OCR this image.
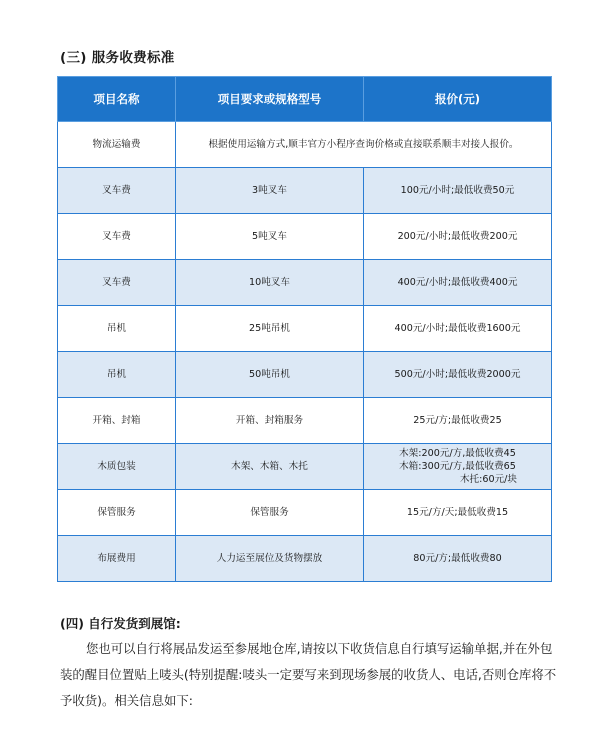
(三) 服务收费标准
项目名称	项目要求或规格型号	报价(元)
物流运输费	根据使用运输方式,顺丰官方小程序查询价格或直接联系顺丰对接人报价。	
叉车费	3吨叉车	100元/小时;最低收费50元
叉车费	5吨叉车	200元/小时;最低收费200元
叉车费	10吨叉车	400元/小时;最低收费400元
吊机	25吨吊机	400元/小时;最低收费1600元
吊机	50吨吊机	500元/小时;最低收费2000元
开箱、封箱	开箱、封箱服务	25元/方;最低收费25
木质包装	木架、木箱、木托	木架:200元/方,最低收费45
木箱:300元/方,最低收费65
木托:60元/块

保管服务	保管服务	15元/方/天;最低收费15
布展费用	人力运至展位及货物摆放	80元/方;最低收费80
(四) 自行发货到展馆:
您也可以自行将展品发运至参展地仓库,请按以下收货信息自行填写运输单据,并在外包装的醒目位置贴上唛头(特别提醒:唛头一定要写来到现场参展的收货人、电话,否则仓库将不予收货)。相关信息如下:
